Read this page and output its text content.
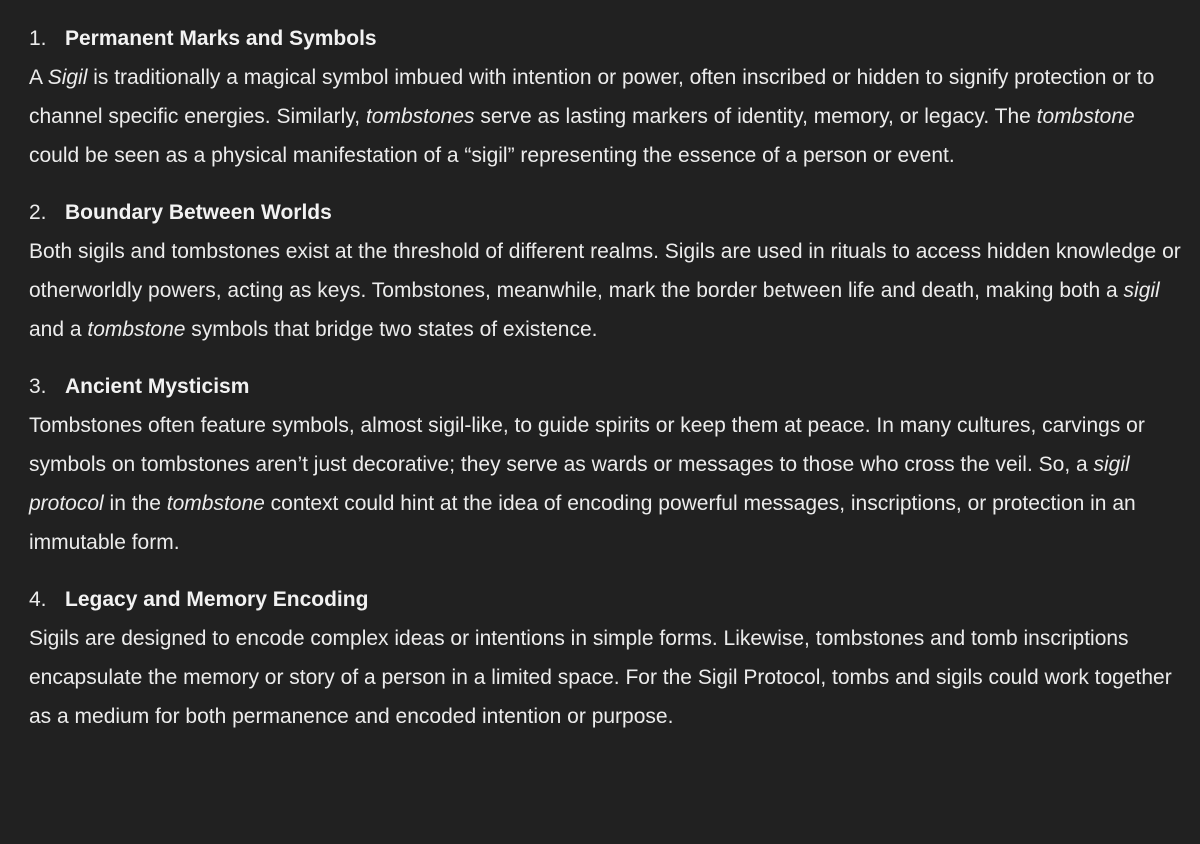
1. Permanent Marks and Symbols
A Sigil is traditionally a magical symbol imbued with intention or power, often inscribed or hidden to signify protection or to channel specific energies. Similarly, tombstones serve as lasting markers of identity, memory, or legacy. The tombstone could be seen as a physical manifestation of a “sigil” representing the essence of a person or event.
2. Boundary Between Worlds
Both sigils and tombstones exist at the threshold of different realms. Sigils are used in rituals to access hidden knowledge or otherworldly powers, acting as keys. Tombstones, meanwhile, mark the border between life and death, making both a sigil and a tombstone symbols that bridge two states of existence.
3. Ancient Mysticism
Tombstones often feature symbols, almost sigil-like, to guide spirits or keep them at peace. In many cultures, carvings or symbols on tombstones aren’t just decorative; they serve as wards or messages to those who cross the veil. So, a sigil protocol in the tombstone context could hint at the idea of encoding powerful messages, inscriptions, or protection in an immutable form.
4. Legacy and Memory Encoding
Sigils are designed to encode complex ideas or intentions in simple forms. Likewise, tombstones and tomb inscriptions encapsulate the memory or story of a person in a limited space. For the Sigil Protocol, tombs and sigils could work together as a medium for both permanence and encoded intention or purpose.
